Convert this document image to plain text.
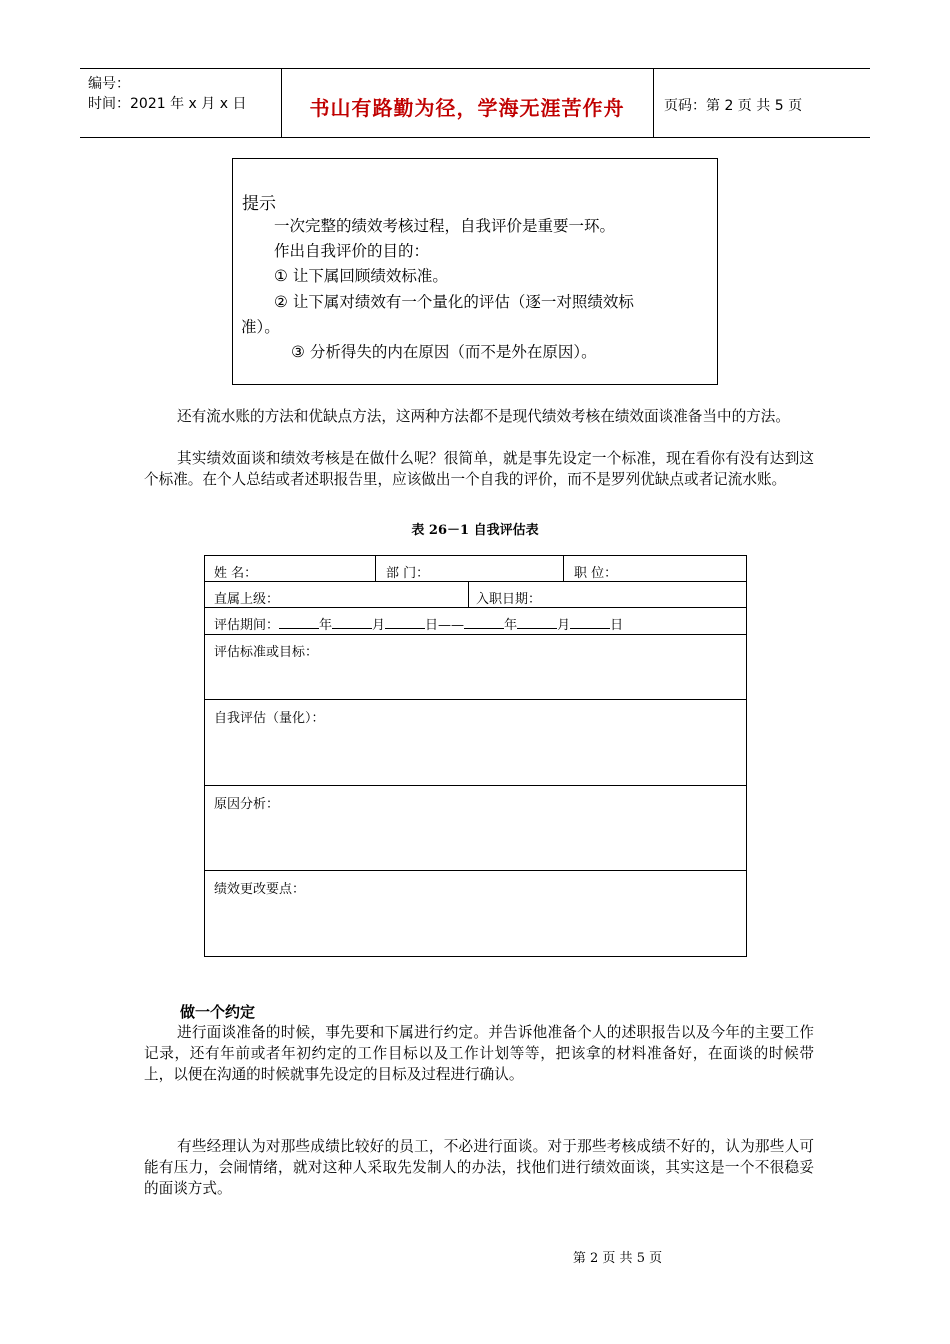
编号：
时间：2021 年 x 月 x 日	书山有路勤为径，学海无涯苦作舟	页码：第 2 页 共 5 页
提示
一次完整的绩效考核过程，自我评价是重要一环。
作出自我评价的目的：
① 让下属回顾绩效标准。
② 让下属对绩效有一个量化的评估（逐一对照绩效标
准）。
③ 分析得失的内在原因（而不是外在原因）。
还有流水账的方法和优缺点方法，这两种方法都不是现代绩效考核在绩效面谈准备当中的方法。
其实绩效面谈和绩效考核是在做什么呢？很简单，就是事先设定一个标准，现在看你有没有达到这个标准。在个人总结或者述职报告里，应该做出一个自我的评价，而不是罗列优缺点或者记流水账。
表 26－1 自我评估表
姓 名：	部 门：	职 位：
直属上级：	入职日期：
评估期间：	年	月	日——	年	月	日
评估标准或目标：
自我评估（量化）：
原因分析：
绩效更改要点：
做一个约定
进行面谈准备的时候，事先要和下属进行约定。并告诉他准备个人的述职报告以及今年的主要工作记录，还有年前或者年初约定的工作目标以及工作计划等等，把该拿的材料准备好，在面谈的时候带上，以便在沟通的时候就事先设定的目标及过程进行确认。
有些经理认为对那些成绩比较好的员工，不必进行面谈。对于那些考核成绩不好的，认为那些人可能有压力，会闹情绪，就对这种人采取先发制人的办法，找他们进行绩效面谈，其实这是一个不很稳妥的面谈方式。
第 2 页 共 5 页
